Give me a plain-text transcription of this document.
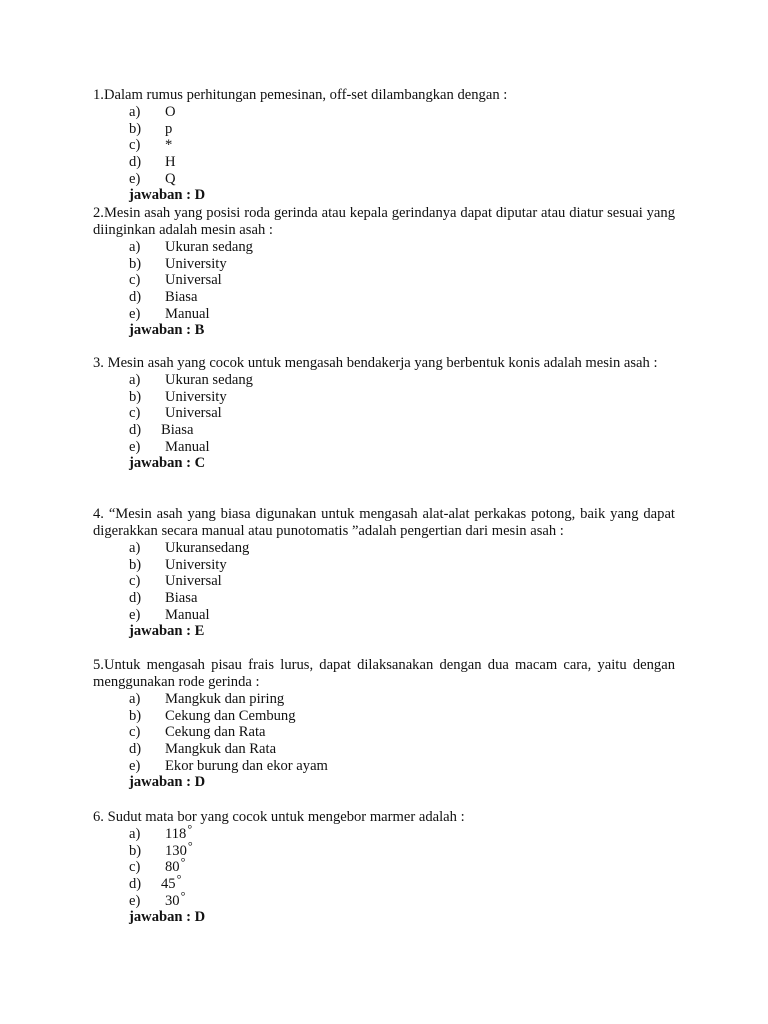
1.Dalam rumus perhitungan pemesinan, off-set dilambangkan dengan :

a) O
b) p
c) *
d) H
e) Q
jawaban : D

2.Mesin asah yang posisi roda gerinda atau kepala gerindanya dapat diputar atau diatur sesuai yang diinginkan adalah mesin asah :

a) Ukuran sedang
b) University
c) Universal
d) Biasa
e) Manual
jawaban : B

3. Mesin asah yang cocok untuk mengasah bendakerja yang berbentuk konis adalah mesin asah :

a) Ukuran sedang
b) University
c) Universal
d) Biasa
e) Manual
jawaban : C

4. “Mesin asah yang biasa digunakan untuk mengasah alat-alat perkakas potong, baik yang dapat digerakkan secara manual atau punotomatis ”adalah pengertian dari mesin asah :

a) Ukuransedang
b) University
c) Universal
d) Biasa
e) Manual
jawaban : E

5.Untuk mengasah pisau frais lurus, dapat dilaksanakan dengan dua macam cara, yaitu dengan menggunakan rode gerinda :

a) Mangkuk dan piring
b) Cekung dan Cembung
c) Cekung dan Rata
d) Mangkuk dan Rata
e) Ekor burung dan ekor ayam
jawaban : D

6. Sudut mata bor yang cocok untuk mengebor marmer adalah :

a) 118°
b) 130°
c) 80°
d) 45°
e) 30°
jawaban : D
